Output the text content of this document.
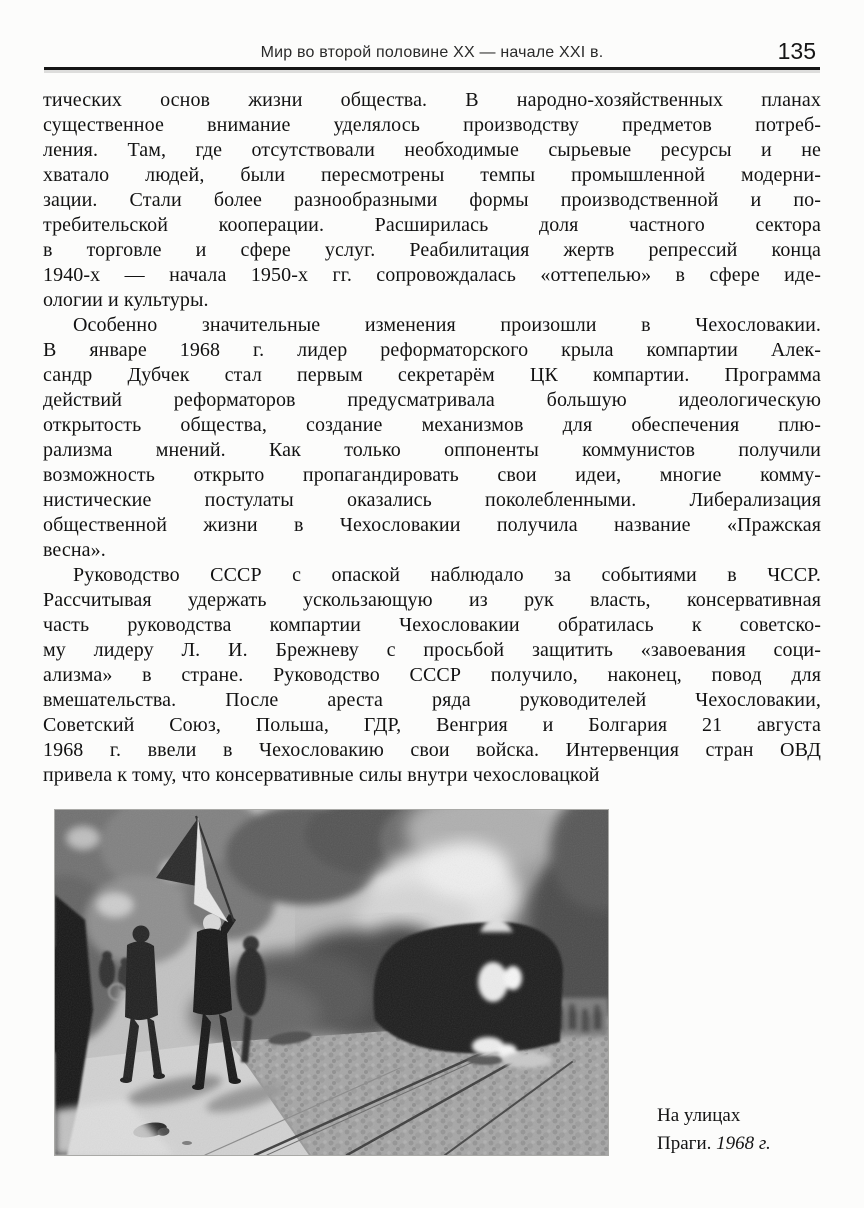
Мир во второй половине XX — начале XXI в.	135
тических основ жизни общества. В народно-хозяйственных планах
существенное внимание уделялось производству предметов потреб-
ления. Там, где отсутствовали необходимые сырьевые ресурсы и не
хватало людей, были пересмотрены темпы промышленной модерни-
зации. Стали более разнообразными формы производственной и по-
требительской кооперации. Расширилась доля частного сектора
в торговле и сфере услуг. Реабилитация жертв репрессий конца
1940-х — начала 1950-х гг. сопровождалась «оттепелью» в сфере иде-
ологии и культуры.
Особенно значительные изменения произошли в Чехословакии.
В январе 1968 г. лидер реформаторского крыла компартии Алек-
сандр Дубчек стал первым секретарём ЦК компартии. Программа
действий реформаторов предусматривала большую идеологическую
открытость общества, создание механизмов для обеспечения плю-
рализма мнений. Как только оппоненты коммунистов получили
возможность открыто пропагандировать свои идеи, многие комму-
нистические постулаты оказались поколебленными. Либерализация
общественной жизни в Чехословакии получила название «Пражская
весна».
Руководство СССР с опаской наблюдало за событиями в ЧССР.
Рассчитывая удержать ускользающую из рук власть, консервативная
часть руководства компартии Чехословакии обратилась к советско-
му лидеру Л. И. Брежневу с просьбой защитить «завоевания соци-
ализма» в стране. Руководство СССР получило, наконец, повод для
вмешательства. После ареста ряда руководителей Чехословакии,
Советский Союз, Польша, ГДР, Венгрия и Болгария 21 августа
1968 г. ввели в Чехословакию свои войска. Интервенция стран ОВД
привела к тому, что консервативные силы внутри чехословацкой
На улицах
Праги. 1968 г.
